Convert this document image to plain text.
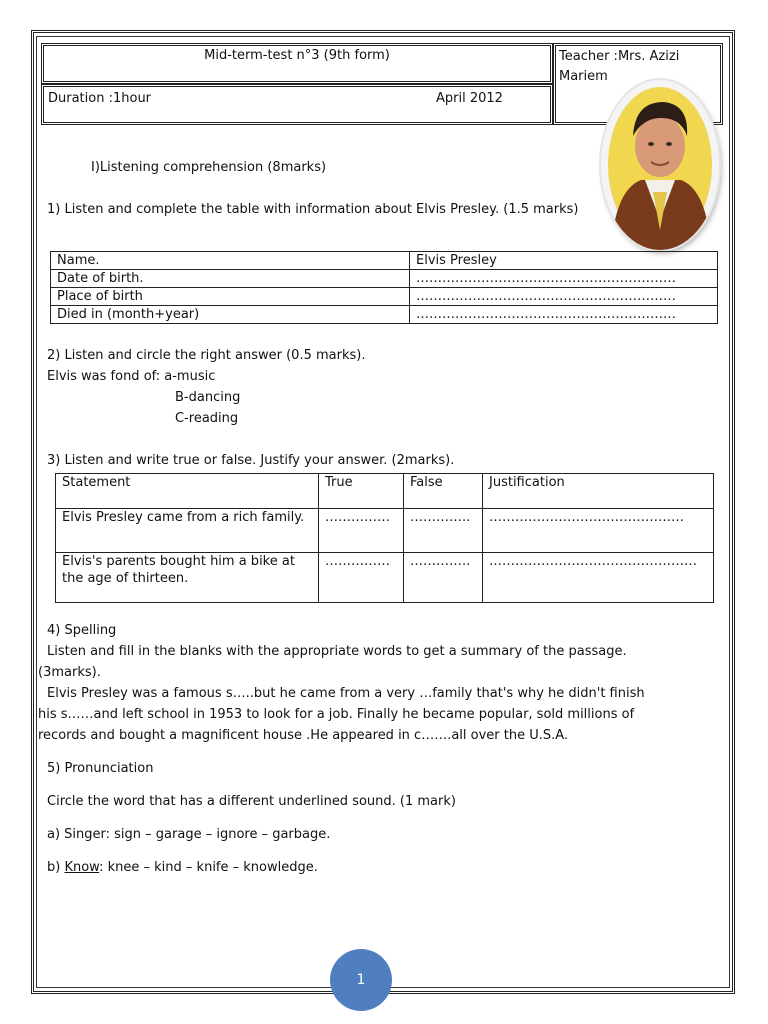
Mid-term-test n°3 (9th form)	Teacher :Mrs. Azizi
Mariem
Duration :1hour	April 2012
I)Listening comprehension (8marks)
1) Listen and complete the table with information about Elvis Presley. (1.5 marks)
Name.	Elvis Presley
Date of birth.	……………………………………………………
Place of birth	……………………………………………………
Died in (month+year)	……………………………………………………
2) Listen and circle the right answer (0.5 marks).
Elvis was fond of: a-music
B-dancing
C-reading
3) Listen and write true or false. Justify your answer. (2marks).
Statement	True	False	Justification
Elvis Presley came from a rich family.	……………	…………..	………………………………………
Elvis's parents bought him a bike at the age of thirteen.	……………	…………..	…………………………………………
4) Spelling
Listen and fill in the blanks with the appropriate words to get a summary of the passage.
(3marks).
Elvis Presley was a famous s…..but he came from a very …family that's why he didn't finish
his s……and left school in 1953 to look for a job. Finally he became popular, sold millions of
records and bought a magnificent house .He appeared in c…….all over the U.S.A.
5) Pronunciation
Circle the word that has a different underlined sound. (1 mark)
a) Singer: sign – garage – ignore – garbage.
b) Know: knee – kind – knife – knowledge.
1
